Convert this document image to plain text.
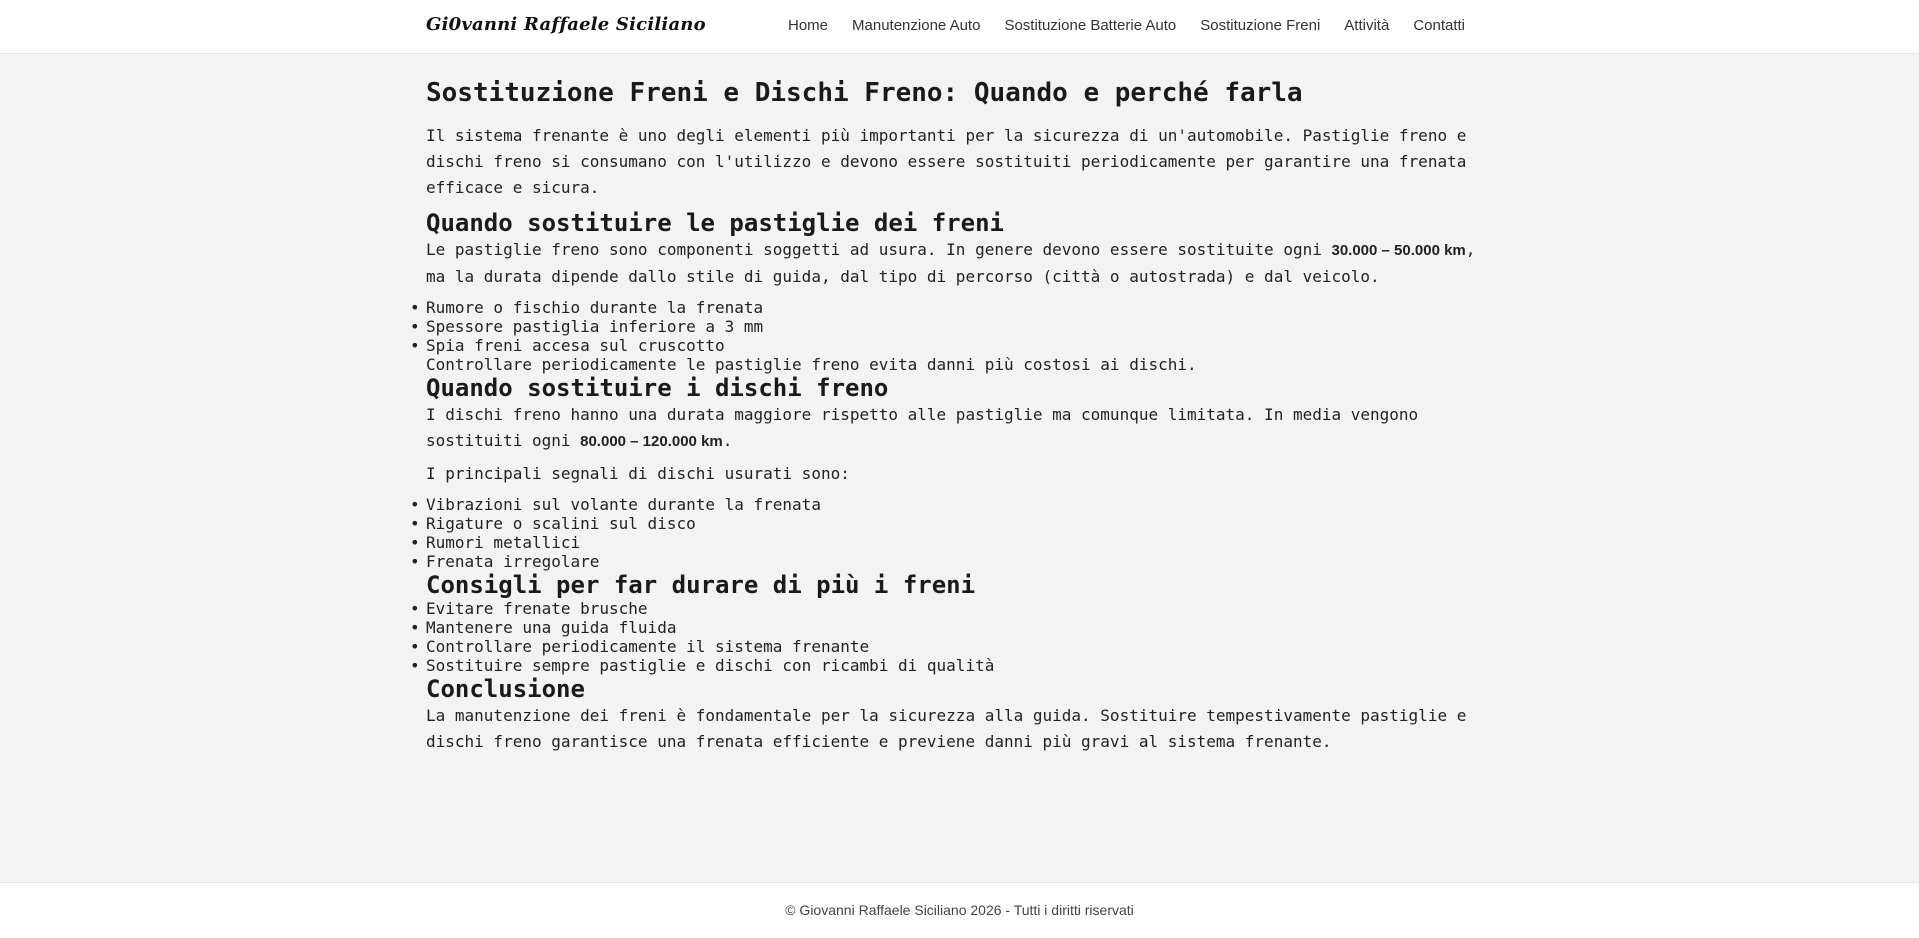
Gi0vanni Raffaele Siciliano	Home Manutenzione Auto Sostituzione Batterie Auto Sostituzione Freni Attività Contatti
Sostituzione Freni e Dischi Freno: Quando e perché farla

Il sistema frenante è uno degli elementi più importanti per la sicurezza di un'automobile. Pastiglie freno e dischi freno si consumano con l'utilizzo e devono essere sostituiti periodicamente per garantire una frenata efficace e sicura.

Quando sostituire le pastiglie dei freni

Le pastiglie freno sono componenti soggetti ad usura. In genere devono essere sostituite ogni 30.000 – 50.000 km, ma la durata dipende dallo stile di guida, dal tipo di percorso (città o autostrada) e dal veicolo.

• Rumore o fischio durante la frenata
• Spessore pastiglia inferiore a 3 mm
• Spia freni accesa sul cruscotto
Controllare periodicamente le pastiglie freno evita danni più costosi ai dischi.
Quando sostituire i dischi freno

I dischi freno hanno una durata maggiore rispetto alle pastiglie ma comunque limitata. In media vengono sostituiti ogni 80.000 – 120.000 km.

I principali segnali di dischi usurati sono:

• Vibrazioni sul volante durante la frenata
• Rigature o scalini sul disco
• Rumori metallici
• Frenata irregolare
Consigli per far durare di più i freni
• Evitare frenate brusche
• Mantenere una guida fluida
• Controllare periodicamente il sistema frenante
• Sostituire sempre pastiglie e dischi con ricambi di qualità
Conclusione

La manutenzione dei freni è fondamentale per la sicurezza alla guida. Sostituire tempestivamente pastiglie e dischi freno garantisce una frenata efficiente e previene danni più gravi al sistema frenante.

© Giovanni Raffaele Siciliano 2026 - Tutti i diritti riservati
